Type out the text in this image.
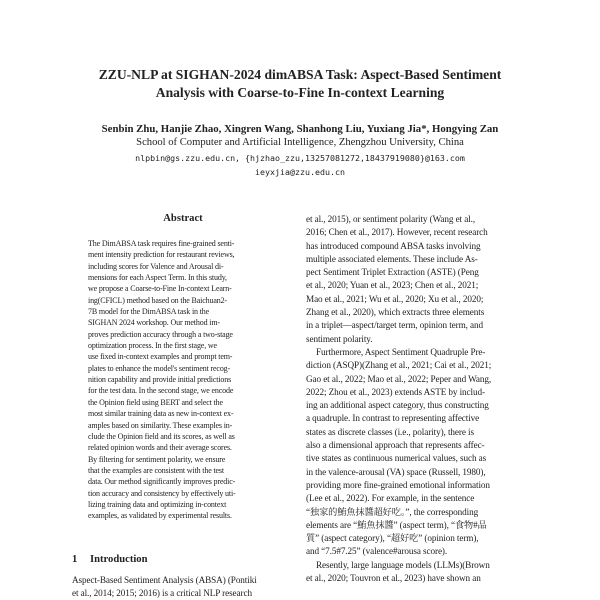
ZZU-NLP at SIGHAN-2024 dimABSA Task: Aspect-Based Sentiment
Analysis with Coarse-to-Fine In-context Learning
Senbin Zhu, Hanjie Zhao, Xingren Wang, Shanhong Liu, Yuxiang Jia*, Hongying Zan
School of Computer and Artificial Intelligence, Zhengzhou University, China
nlpbin@gs.zzu.edu.cn, {hjzhao_zzu,13257081272,18437919080}@163.com
ieyxjia@zzu.edu.cn
Abstract
The DimABSA task requires fine-grained senti-
ment intensity prediction for restaurant reviews,
including scores for Valence and Arousal di-
mensions for each Aspect Term. In this study,
we propose a Coarse-to-Fine In-context Learn-
ing(CFICL) method based on the Baichuan2-
7B model for the DimABSA task in the
SIGHAN 2024 workshop. Our method im-
proves prediction accuracy through a two-stage
optimization process. In the first stage, we
use fixed in-context examples and prompt tem-
plates to enhance the model's sentiment recog-
nition capability and provide initial predictions
for the test data. In the second stage, we encode
the Opinion field using BERT and select the
most similar training data as new in-context ex-
amples based on similarity. These examples in-
clude the Opinion field and its scores, as well as
related opinion words and their average scores.
By filtering for sentiment polarity, we ensure
that the examples are consistent with the test
data. Our method significantly improves predic-
tion accuracy and consistency by effectively uti-
lizing training data and optimizing in-context
examples, as validated by experimental results.
1 Introduction
Aspect-Based Sentiment Analysis (ABSA) (Pontiki
et al., 2014; 2015; 2016) is a critical NLP research
et al., 2015), or sentiment polarity (Wang et al.,
2016; Chen et al., 2017). However, recent research
has introduced compound ABSA tasks involving
multiple associated elements. These include As-
pect Sentiment Triplet Extraction (ASTE) (Peng
et al., 2020; Yuan et al., 2023; Chen et al., 2021;
Mao et al., 2021; Wu et al., 2020; Xu et al., 2020;
Zhang et al., 2020), which extracts three elements
in a triplet—aspect/target term, opinion term, and
sentiment polarity.
Furthermore, Aspect Sentiment Quadruple Pre-
diction (ASQP)(Zhang et al., 2021; Cai et al., 2021;
Gao et al., 2022; Mao et al., 2022; Peper and Wang,
2022; Zhou et al., 2023) extends ASTE by includ-
ing an additional aspect category, thus constructing
a quadruple. In contrast to representing affective
states as discrete classes (i.e., polarity), there is
also a dimensional approach that represents affec-
tive states as continuous numerical values, such as
in the valence-arousal (VA) space (Russell, 1980),
providing more fine-grained emotional information
(Lee et al., 2022). For example, in the sentence
“独家的鮪魚抹醬超好吃。”, the corresponding
elements are “鮪魚抹醬” (aspect term), “食物#品
質” (aspect category), “超好吃” (opinion term),
and “7.5#7.25” (valence#arousa score).
Resently, large language models (LLMs)(Brown
et al., 2020; Touvron et al., 2023) have shown an
